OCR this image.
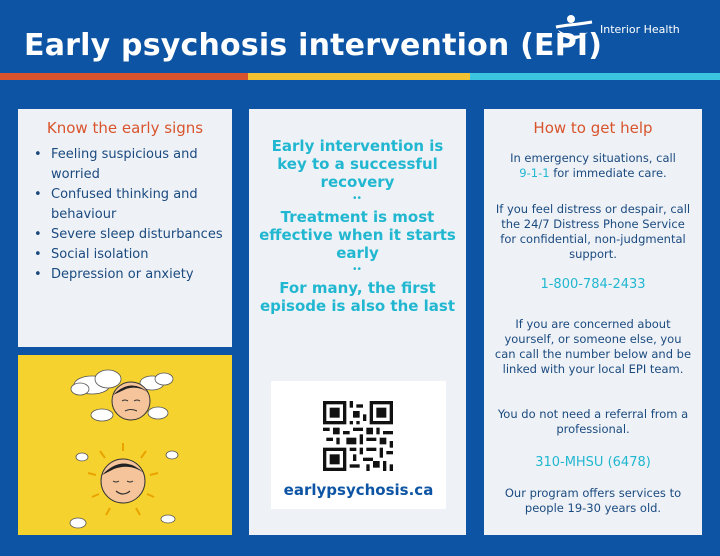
Early psychosis intervention (EPI)
Interior Health
Know the early signs
• Feeling suspicious and worried
• Confused thinking and behaviour
• Severe sleep disturbances
• Social isolation
• Depression or anxiety
Early intervention is key to a successful recovery
••
Treatment is most effective when it starts early
••
For many, the first episode is also the last
earlypsychosis.ca
How to get help
In emergency situations, call
9-1-1 for immediate care.
If you feel distress or despair, call the 24/7 Distress Phone Service for confidential, non-judgmental support.
1-800-784-2433
If you are concerned about yourself, or someone else, you can call the number below and be linked with your local EPI team.
You do not need a referral from a professional.
310-MHSU (6478)
Our program offers services to people 19-30 years old.
